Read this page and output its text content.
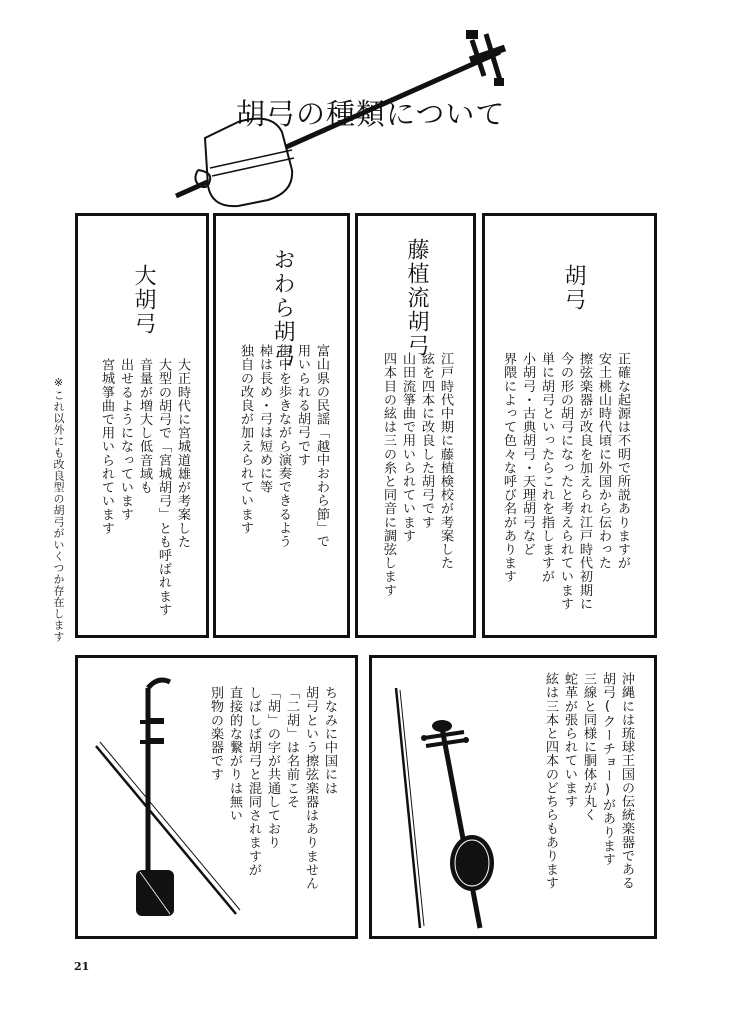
胡弓の種類について
胡弓
正確な起源は不明で所説ありますが
安土桃山時代頃に外国から伝わった
擦弦楽器が改良を加えられ江戸時代初期に
今の形の胡弓になったと考えられています
単に胡弓といったらこれを指しますが
小胡弓・古典胡弓・天理胡弓など
界隈によって色々な呼び名があります
藤植流胡弓
江戸時代中期に藤植検校が考案した
絃を四本に改良した胡弓です
山田流箏曲で用いられています
四本目の絃は三の糸と同音に調弦します
おわら胡弓
富山県の民謡「越中おわら節」で
用いられる胡弓です
街中を歩きながら演奏できるよう
棹は長め・弓は短めに等
独自の改良が加えられています
大胡弓
大正時代に宮城道雄が考案した
大型の胡弓で「宮城胡弓」とも呼ばれます
音量が増大し低音域も
出せるようになっています
宮城箏曲で用いられています
※これ以外にも改良型の胡弓がいくつか存在します
沖縄には琉球王国の伝統楽器である
胡弓(クーチョー)があります
三線と同様に胴体が丸く
蛇革が張られています
絃は三本と四本のどちらもあります
ちなみに中国には
胡弓という擦弦楽器はありません
「二胡」は名前こそ
「胡」の字が共通しており
しばしば胡弓と混同されますが
直接的な繋がりは無い
別物の楽器です
21
